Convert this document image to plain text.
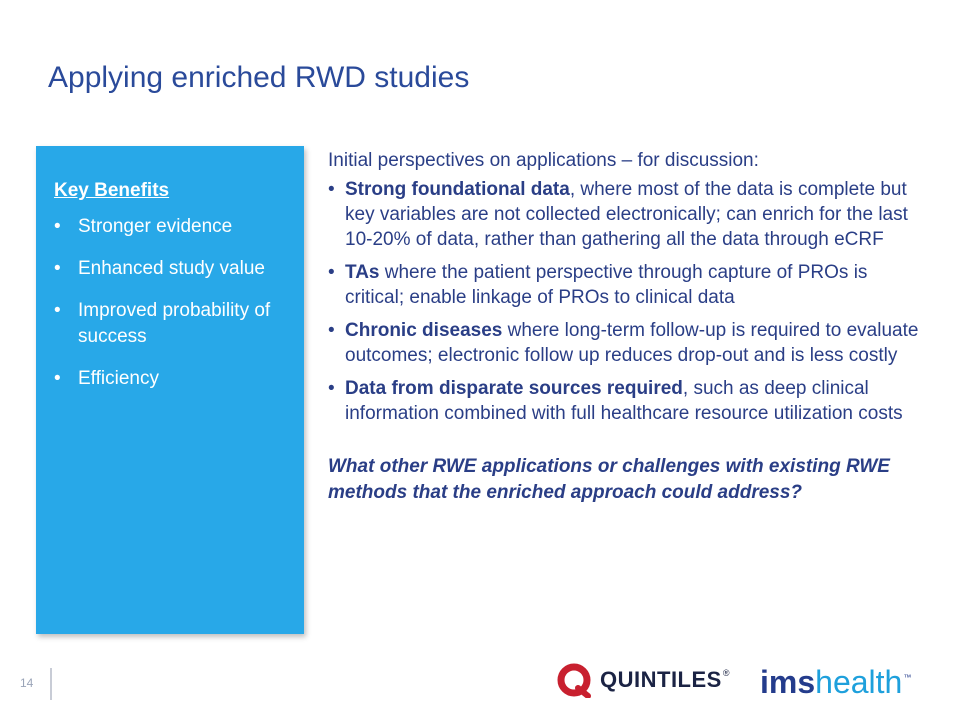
Applying enriched RWD studies
Key Benefits
• Stronger evidence
• Enhanced study value
• Improved probability of success
• Efficiency

Initial perspectives on applications – for discussion:

• Strong foundational data, where most of the data is complete but key variables are not collected electronically; can enrich for the last 10-20% of data, rather than gathering all the data through eCRF
• TAs where the patient perspective through capture of PROs is critical; enable linkage of PROs to clinical data
• Chronic diseases where long-term follow-up is required to evaluate outcomes; electronic follow up reduces drop-out and is less costly
• Data from disparate sources required, such as deep clinical information combined with full healthcare resource utilization costs

What other RWE applications or challenges with existing RWE methods that the enriched approach could address?

14	QUINTILES ® ims health ™
